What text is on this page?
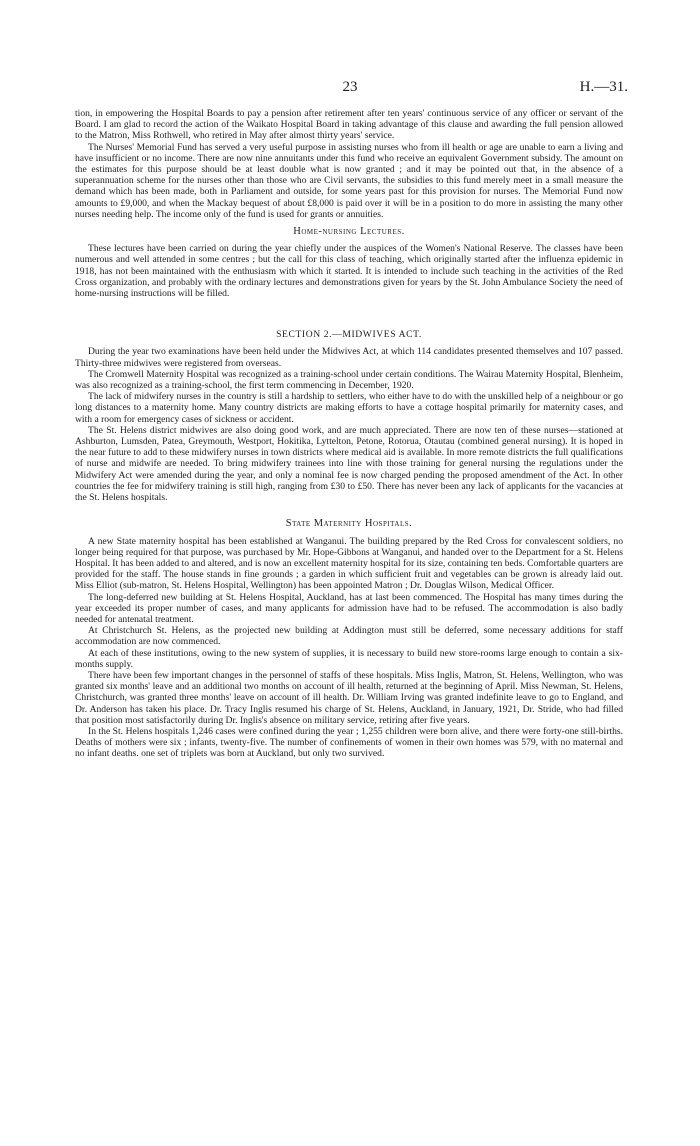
23	H.—31.

tion, in empowering the Hospital Boards to pay a pension after retirement after ten years' continuous service of any officer or servant of the Board. I am glad to record the action of the Waikato Hospital Board in taking advantage of this clause and awarding the full pension allowed to the Matron, Miss Rothwell, who retired in May after almost thirty years' service.

The Nurses' Memorial Fund has served a very useful purpose in assisting nurses who from ill health or age are unable to earn a living and have insufficient or no income. There are now nine annuitants under this fund who receive an equivalent Government subsidy. The amount on the estimates for this purpose should be at least double what is now granted ; and it may be pointed out that, in the absence of a superannuation scheme for the nurses other than those who are Civil servants, the subsidies to this fund merely meet in a small measure the demand which has been made, both in Parliament and outside, for some years past for this provision for nurses. The Memorial Fund now amounts to £9,000, and when the Mackay bequest of about £8,000 is paid over it will be in a position to do more in assisting the many other nurses needing help. The income only of the fund is used for grants or annuities.

Home-nursing Lectures.

These lectures have been carried on during the year chiefly under the auspices of the Women's National Reserve. The classes have been numerous and well attended in some centres ; but the call for this class of teaching, which originally started after the influenza epidemic in 1918, has not been maintained with the enthusiasm with which it started. It is intended to include such teaching in the activities of the Red Cross organization, and probably with the ordinary lectures and demonstrations given for years by the St. John Ambulance Society the need of home-nursing instructions will be filled.

SECTION 2.—MIDWIVES ACT.

During the year two examinations have been held under the Midwives Act, at which 114 candidates presented themselves and 107 passed. Thirty-three midwives were registered from overseas.

The Cromwell Maternity Hospital was recognized as a training-school under certain conditions. The Wairau Maternity Hospital, Blenheim, was also recognized as a training-school, the first term commencing in December, 1920.

The lack of midwifery nurses in the country is still a hardship to settlers, who either have to do with the unskilled help of a neighbour or go long distances to a maternity home. Many country districts are making efforts to have a cottage hospital primarily for maternity cases, and with a room for emergency cases of sickness or accident.

The St. Helens district midwives are also doing good work, and are much appreciated. There are now ten of these nurses—stationed at Ashburton, Lumsden, Patea, Greymouth, Westport, Hokitika, Lyttelton, Petone, Rotorua, Otautau (combined general nursing). It is hoped in the near future to add to these midwifery nurses in town districts where medical aid is available. In more remote districts the full qualifications of nurse and midwife are needed. To bring midwifery trainees into line with those training for general nursing the regulations under the Midwifery Act were amended during the year, and only a nominal fee is now charged pending the proposed amendment of the Act. In other countries the fee for midwifery training is still high, ranging from £30 to £50. There has never been any lack of applicants for the vacancies at the St. Helens hospitals.

State Maternity Hospitals.

A new State maternity hospital has been established at Wanganui. The building prepared by the Red Cross for convalescent soldiers, no longer being required for that purpose, was purchased by Mr. Hope-Gibbons at Wanganui, and handed over to the Department for a St. Helens Hospital. It has been added to and altered, and is now an excellent maternity hospital for its size, containing ten beds. Comfortable quarters are provided for the staff. The house stands in fine grounds ; a garden in which sufficient fruit and vegetables can be grown is already laid out. Miss Elliot (sub-matron, St. Helens Hospital, Wellington) has been appointed Matron ; Dr. Douglas Wilson, Medical Officer.

The long-deferred new building at St. Helens Hospital, Auckland, has at last been commenced. The Hospital has many times during the year exceeded its proper number of cases, and many applicants for admission have had to be refused. The accommodation is also badly needed for antenatal treatment.

At Christchurch St. Helens, as the projected new building at Addington must still be deferred, some necessary additions for staff accommodation are now commenced.

At each of these institutions, owing to the new system of supplies, it is necessary to build new store-rooms large enough to contain a six-months supply.

There have been few important changes in the personnel of staffs of these hospitals. Miss Inglis, Matron, St. Helens, Wellington, who was granted six months' leave and an additional two months on account of ill health, returned at the beginning of April. Miss Newman, St. Helens, Christchurch, was granted three months' leave on account of ill health. Dr. William Irving was granted indefinite leave to go to England, and Dr. Anderson has taken his place. Dr. Tracy Inglis resumed his charge of St. Helens, Auckland, in January, 1921, Dr. Stride, who had filled that position most satisfactorily during Dr. Inglis's absence on military service, retiring after five years.

In the St. Helens hospitals 1,246 cases were confined during the year ; 1,255 children were born alive, and there were forty-one still-births. Deaths of mothers were six ; infants, twenty-five. The number of confinements of women in their own homes was 579, with no maternal and no infant deaths. one set of triplets was born at Auckland, but only two survived.
